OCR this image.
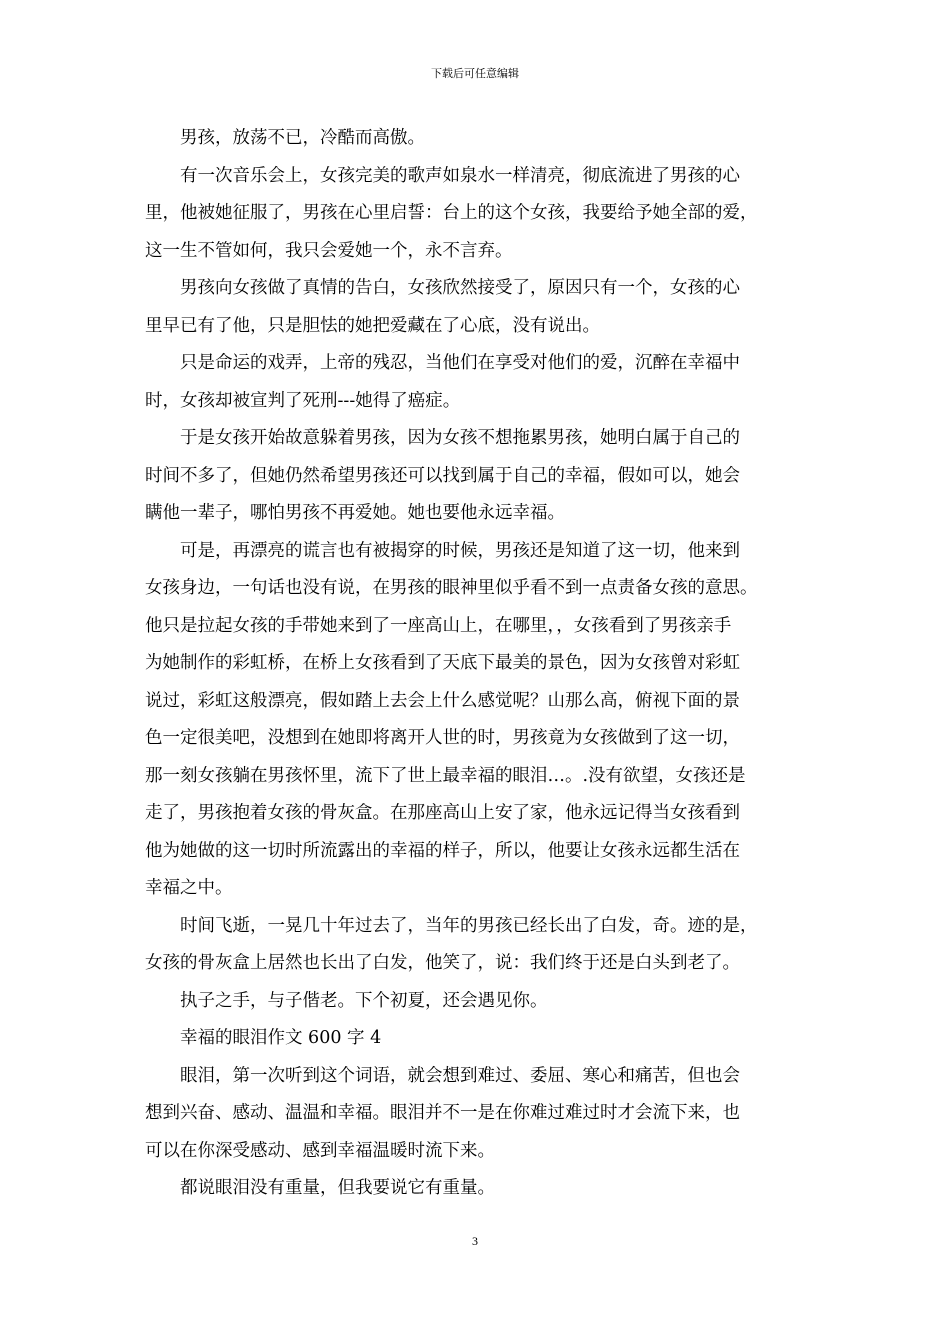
下载后可任意编辑

男孩，放荡不已，冷酷而高傲。

有一次音乐会上，女孩完美的歌声如泉水一样清亮，彻底流进了男孩的心
里，他被她征服了，男孩在心里启誓：台上的这个女孩，我要给予她全部的爱，
这一生不管如何，我只会爱她一个，永不言弃。

男孩向女孩做了真情的告白，女孩欣然接受了，原因只有一个，女孩的心
里早已有了他，只是胆怯的她把爱藏在了心底，没有说出。

只是命运的戏弄，上帝的残忍，当他们在享受对他们的爱，沉醉在幸福中
时，女孩却被宣判了死刑---她得了癌症。

于是女孩开始故意躲着男孩，因为女孩不想拖累男孩，她明白属于自己的
时间不多了，但她仍然希望男孩还可以找到属于自己的幸福，假如可以，她会
瞒他一辈子，哪怕男孩不再爱她。她也要他永远幸福。

可是，再漂亮的谎言也有被揭穿的时候，男孩还是知道了这一切，他来到
女孩身边，一句话也没有说，在男孩的眼神里似乎看不到一点责备女孩的意思。
他只是拉起女孩的手带她来到了一座高山上，在哪里，，女孩看到了男孩亲手
为她制作的彩虹桥，在桥上女孩看到了天底下最美的景色，因为女孩曾对彩虹
说过，彩虹这般漂亮，假如踏上去会上什么感觉呢？山那么高，俯视下面的景
色一定很美吧，没想到在她即将离开人世的时，男孩竟为女孩做到了这一切，
那一刻女孩躺在男孩怀里，流下了世上最幸福的眼泪…。.没有欲望，女孩还是
走了，男孩抱着女孩的骨灰盒。在那座高山上安了家，他永远记得当女孩看到
他为她做的这一切时所流露出的幸福的样子，所以，他要让女孩永远都生活在
幸福之中。

时间飞逝，一晃几十年过去了，当年的男孩已经长出了白发，奇。迹的是，
女孩的骨灰盒上居然也长出了白发，他笑了，说：我们终于还是白头到老了。

执子之手，与子偕老。下个初夏，还会遇见你。

幸福的眼泪作文 600 字 4

眼泪，第一次听到这个词语，就会想到难过、委屈、寒心和痛苦，但也会
想到兴奋、感动、温温和幸福。眼泪并不一是在你难过难过时才会流下来，也
可以在你深受感动、感到幸福温暖时流下来。

都说眼泪没有重量，但我要说它有重量。

3
